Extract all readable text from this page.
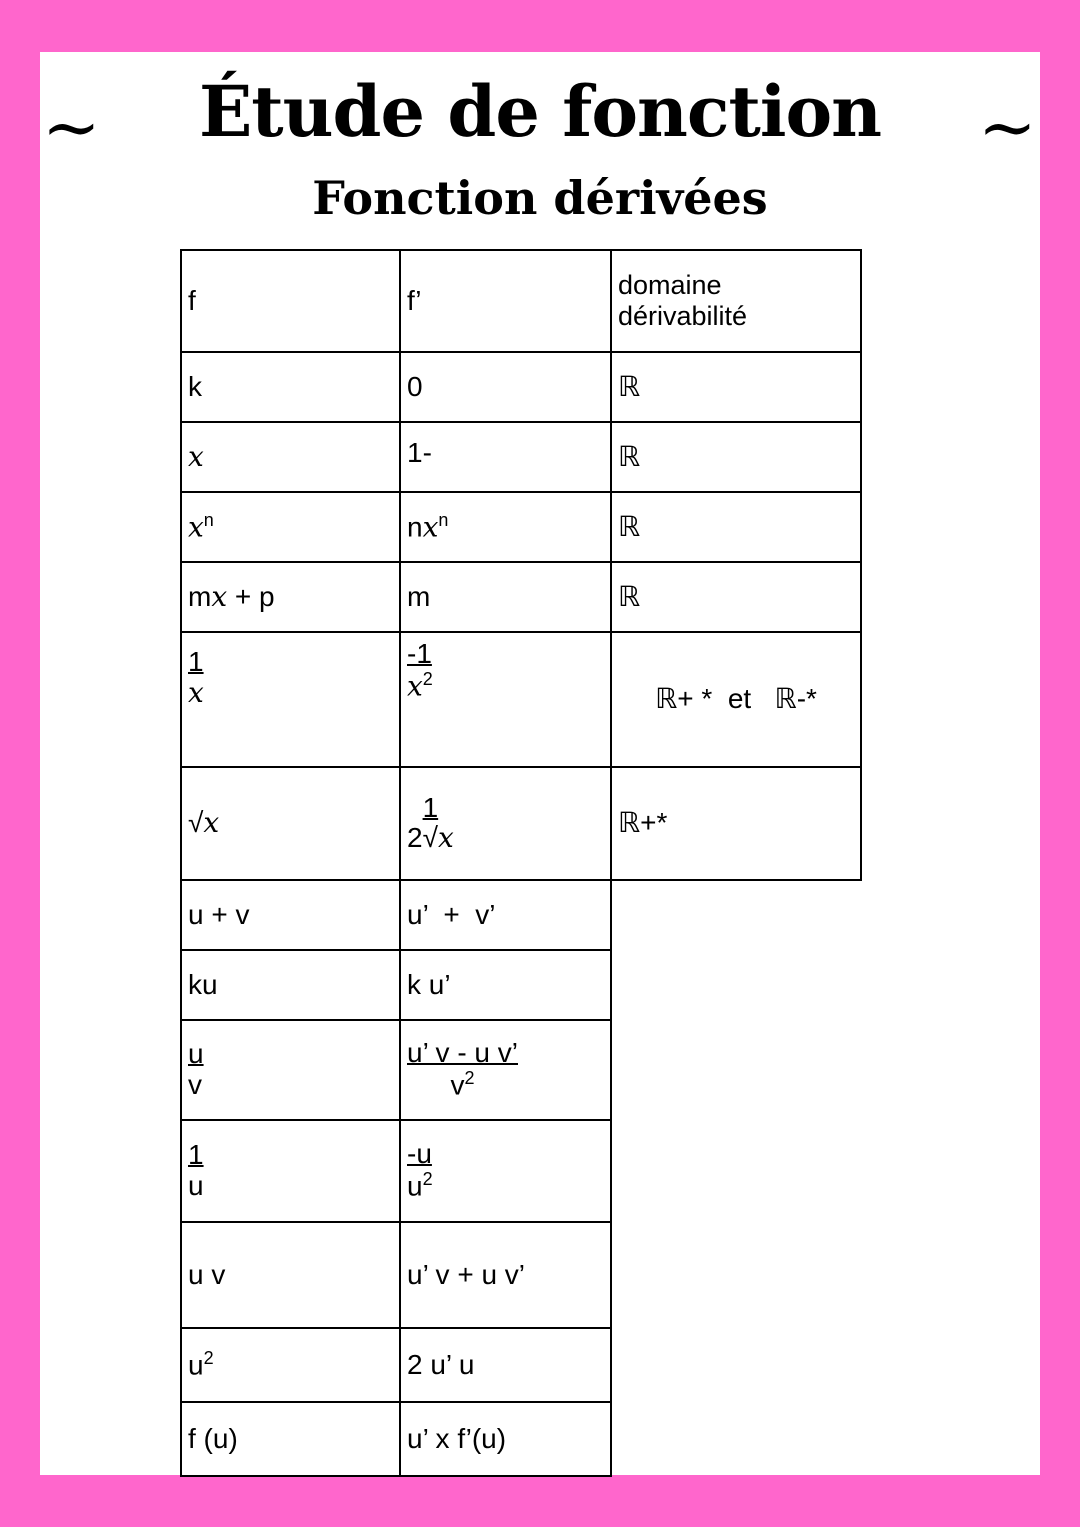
~	~
Étude de fonction
Fonction dérivées
f	f’	domaine dérivabilité
k	0	ℝ
x	1-	ℝ
$x^n$	$nx^n$	ℝ
mx + p	m	ℝ

$\frac{1}{x}$	$\frac{-1}{x^2}$	ℝ+ *  et   ℝ-*
√x	$\frac{1}{2√x}$	ℝ+*
u + v	u’  +  v’	
ku	k u’	

$\frac{u}{v}$	$\frac{\text{u’ v - u v’}}{v^2}$

$\frac{1}{u}$	$\frac{-u}{u^2}$

u v	u’ v + u v’	
$u^2$	2 u’ u	
f (u)	u’ x f’(u)	
